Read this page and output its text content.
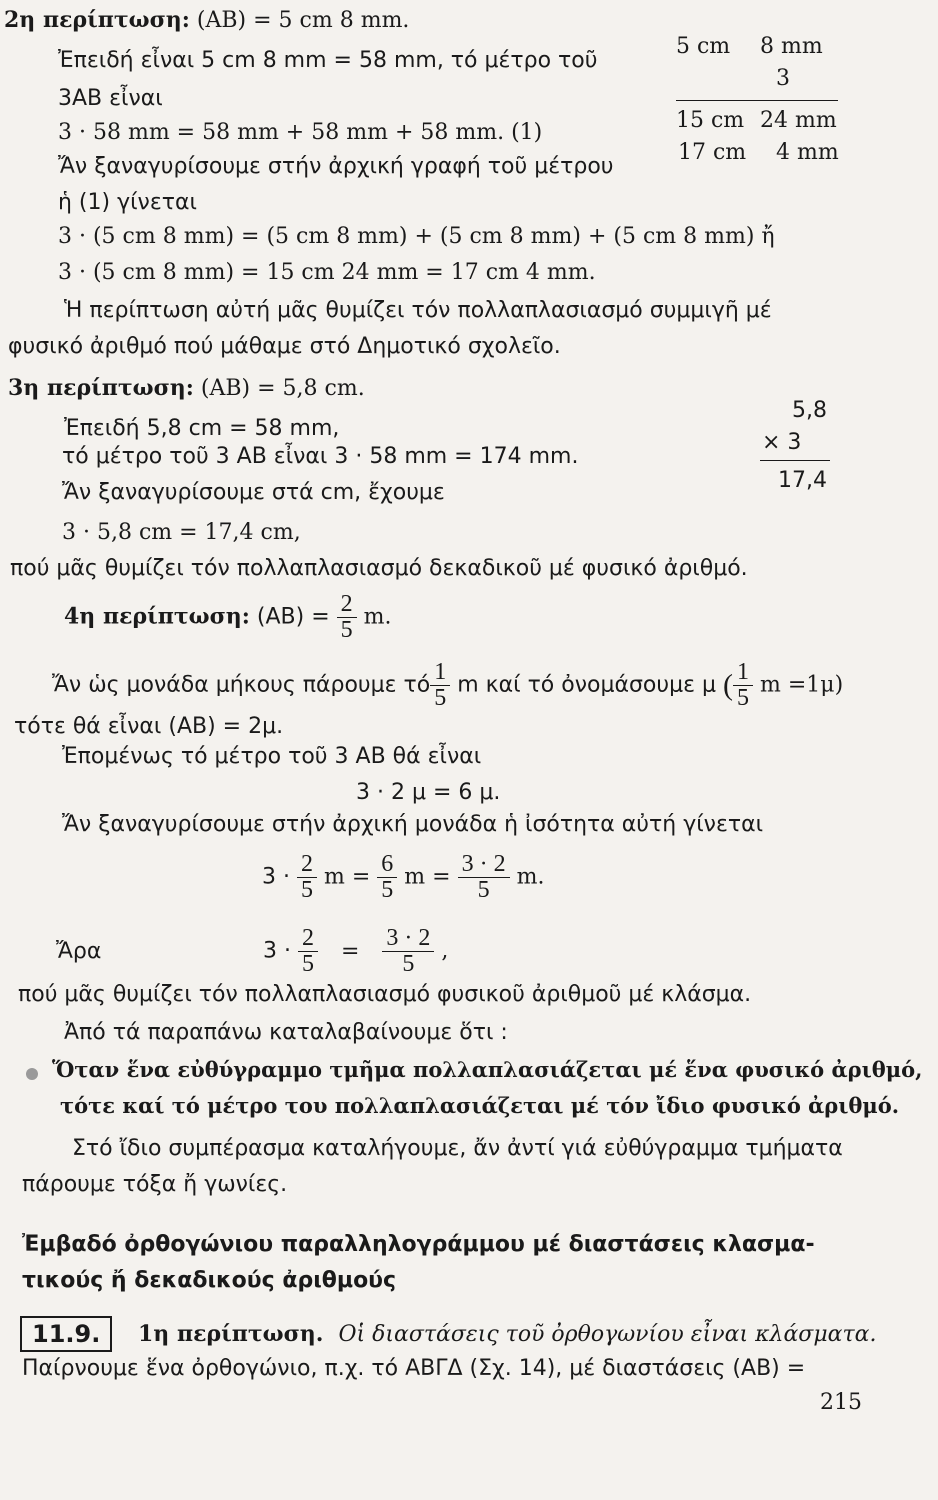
2η περίπτωση: (AB) = 5 cm 8 mm.
Ἐπειδή εἶναι 5 cm 8 mm = 58 mm, τό μέτρο τοῦ
3AB εἶναι
3 · 58 mm = 58 mm + 58 mm + 58 mm. (1)
Ἄν ξαναγυρίσουμε στήν ἀρχική γραφή τοῦ μέτρου
ἡ (1) γίνεται
3 · (5 cm 8 mm) = (5 cm 8 mm) + (5 cm 8 mm) + (5 cm 8 mm) ἤ
3 · (5 cm 8 mm) = 15 cm 24 mm = 17 cm 4 mm.
Ἡ περίπτωση αὐτή μᾶς θυμίζει τόν πολλαπλασιασμό συμμιγῆ μέ
φυσικό ἀριθμό πού μάθαμε στό Δημοτικό σχολεῖο.
5 cm	8 mm
3
15 cm 24 mm
17 cm 4 mm
3η περίπτωση: (AB) = 5,8 cm.
Ἐπειδή 5,8 cm = 58 mm,
τό μέτρο τοῦ 3 AB εἶναι 3 · 58 mm = 174 mm.
Ἄν ξαναγυρίσουμε στά cm, ἔχουμε
3 · 5,8 cm = 17,4 cm,
πού μᾶς θυμίζει τόν πολλαπλασιασμό δεκαδικοῦ μέ φυσικό ἀριθμό.
5,8
× 3
17,4
4η περίπτωση: $(AB) = \frac{2}{5} m$.
Ἄν ὡς μονάδα μήκους πάρουμε τό $\frac{1}{5}$ m καί τό ὀνομάσουμε μ ( $\frac{1}{5}$ m =1μ)
τότε θά εἶναι (AB) = 2μ.
Ἐπομένως τό μέτρο τοῦ 3 AB θά εἶναι
3 · 2 μ = 6 μ.
Ἄν ξαναγυρίσουμε στήν ἀρχική μονάδα ἡ ἰσότητα αὐτή γίνεται
$3 \cdot \frac{2}{5}$ $m = \frac{6}{5}$ $m = \frac{3 \cdot 2}{5} m$.
Ἄρα	$3 \cdot \frac{2}{5} = \frac{3 \cdot 2}{5}$ ,
πού μᾶς θυμίζει τόν πολλαπλασιασμό φυσικοῦ ἀριθμοῦ μέ κλάσμα.
Ἀπό τά παραπάνω καταλαβαίνουμε ὅτι :
Ὅταν ἕνα εὐθύγραμμο τμῆμα πολλαπλασιάζεται μέ ἕνα φυσικό ἀριθμό,
τότε καί τό μέτρο του πολλαπλασιάζεται μέ τόν ἴδιο φυσικό ἀριθμό.
Στό ἴδιο συμπέρασμα καταλήγουμε, ἄν ἀντί γιά εὐθύγραμμα τμήματα
πάρουμε τόξα ἤ γωνίες.
Ἐμβαδό ὀρθογώνιου παραλληλογράμμου μέ διαστάσεις κλασμα-
τικούς ἤ δεκαδικούς ἀριθμούς
11.9.	1η περίπτωση. Οἱ διαστάσεις τοῦ ὀρθογωνίου εἶναι κλάσματα.
Παίρνουμε ἕνα ὀρθογώνιο, π.χ. τό ΑΒΓΔ (Σχ. 14), μέ διαστάσεις (AB) =
215
